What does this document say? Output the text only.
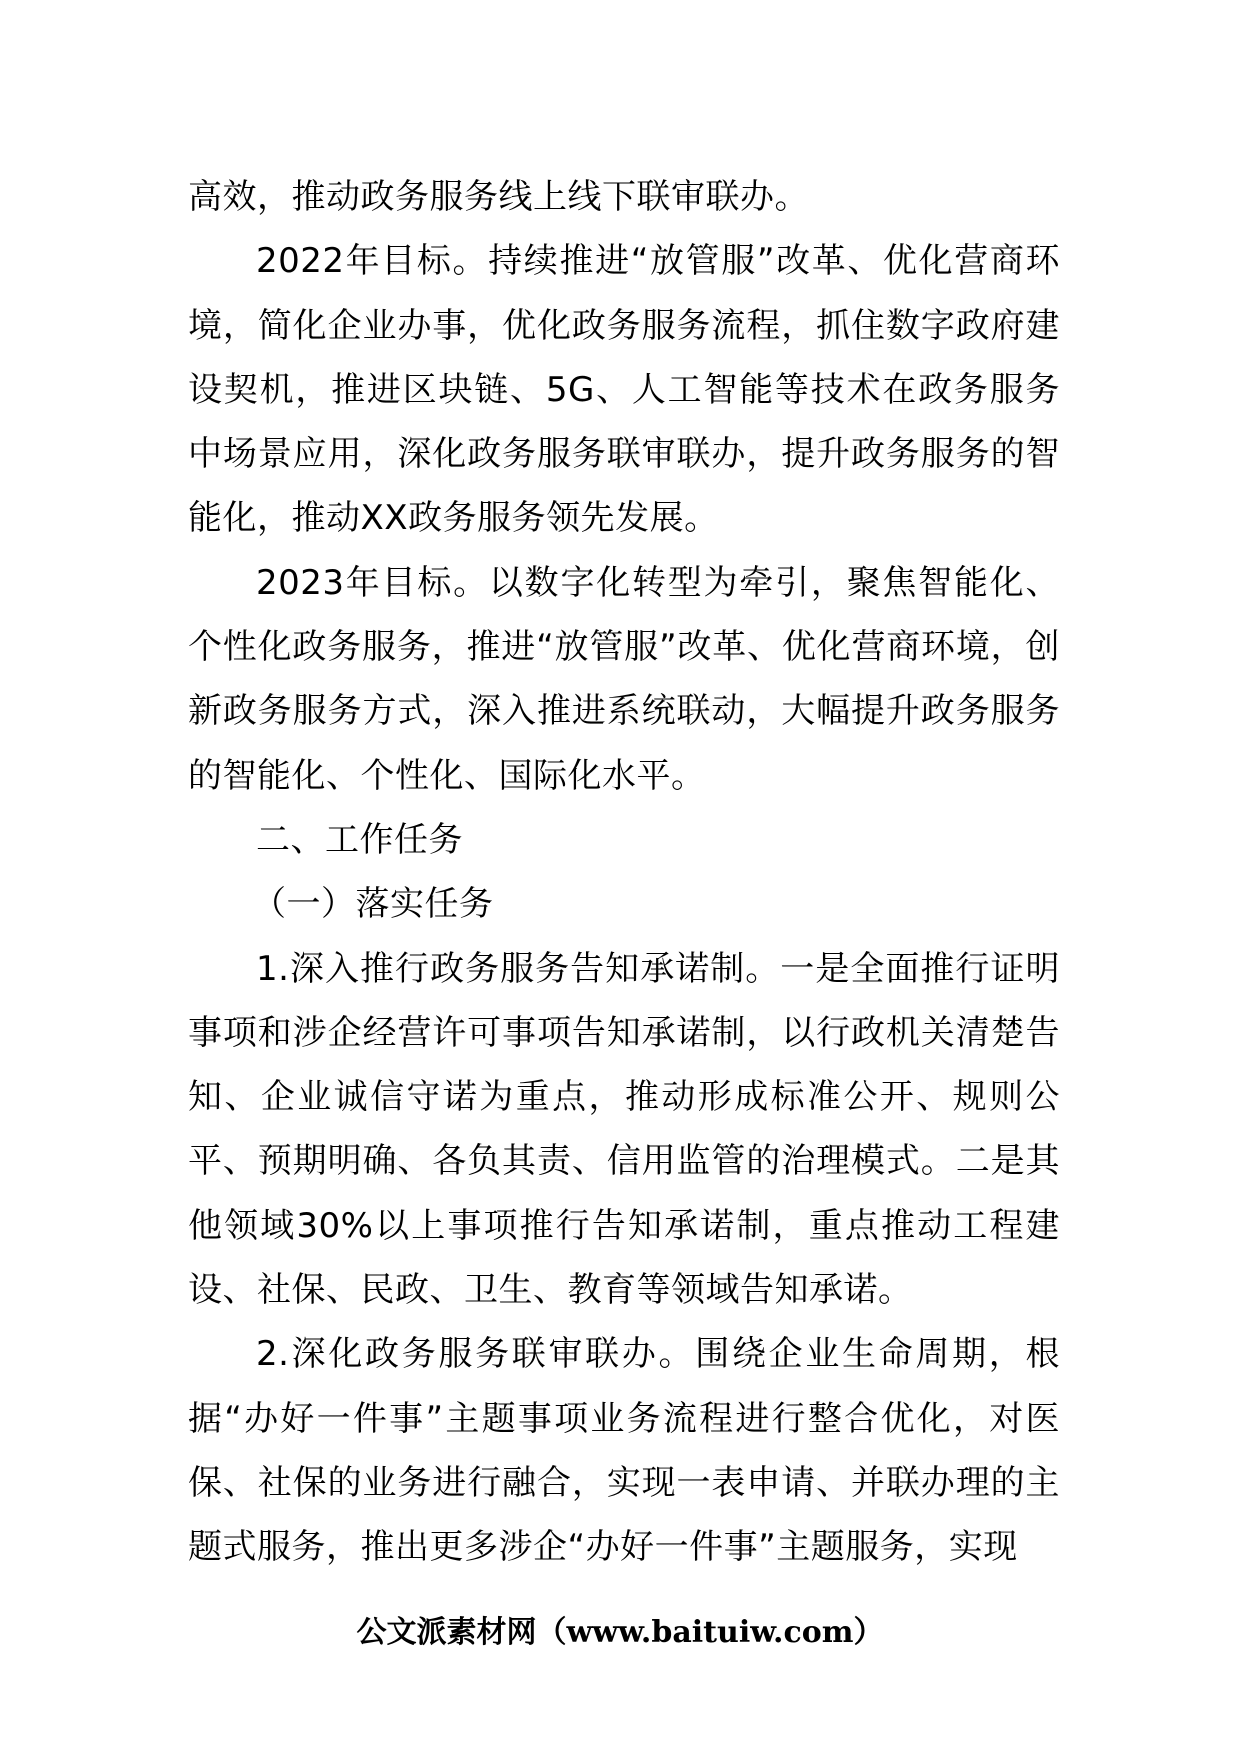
高效，推动政务服务线上线下联审联办。

2022年目标。持续推进“放管服”改革、优化营商环境，简化企业办事，优化政务服务流程，抓住数字政府建设契机，推进区块链、5G、人工智能等技术在政务服务中场景应用，深化政务服务联审联办，提升政务服务的智能化，推动XX政务服务领先发展。

2023年目标。以数字化转型为牵引，聚焦智能化、个性化政务服务，推进“放管服”改革、优化营商环境，创新政务服务方式，深入推进系统联动，大幅提升政务服务的智能化、个性化、国际化水平。

二、工作任务

（一）落实任务

1.深入推行政务服务告知承诺制。一是全面推行证明事项和涉企经营许可事项告知承诺制，以行政机关清楚告知、企业诚信守诺为重点，推动形成标准公开、规则公平、预期明确、各负其责、信用监管的治理模式。二是其他领域30%以上事项推行告知承诺制，重点推动工程建设、社保、民政、卫生、教育等领域告知承诺。

2.深化政务服务联审联办。围绕企业生命周期，根据“办好一件事”主题事项业务流程进行整合优化，对医保、社保的业务进行融合，实现一表申请、并联办理的主题式服务，推出更多涉企“办好一件事”主题服务，实现

公文派素材网（www.baituiw.com）
